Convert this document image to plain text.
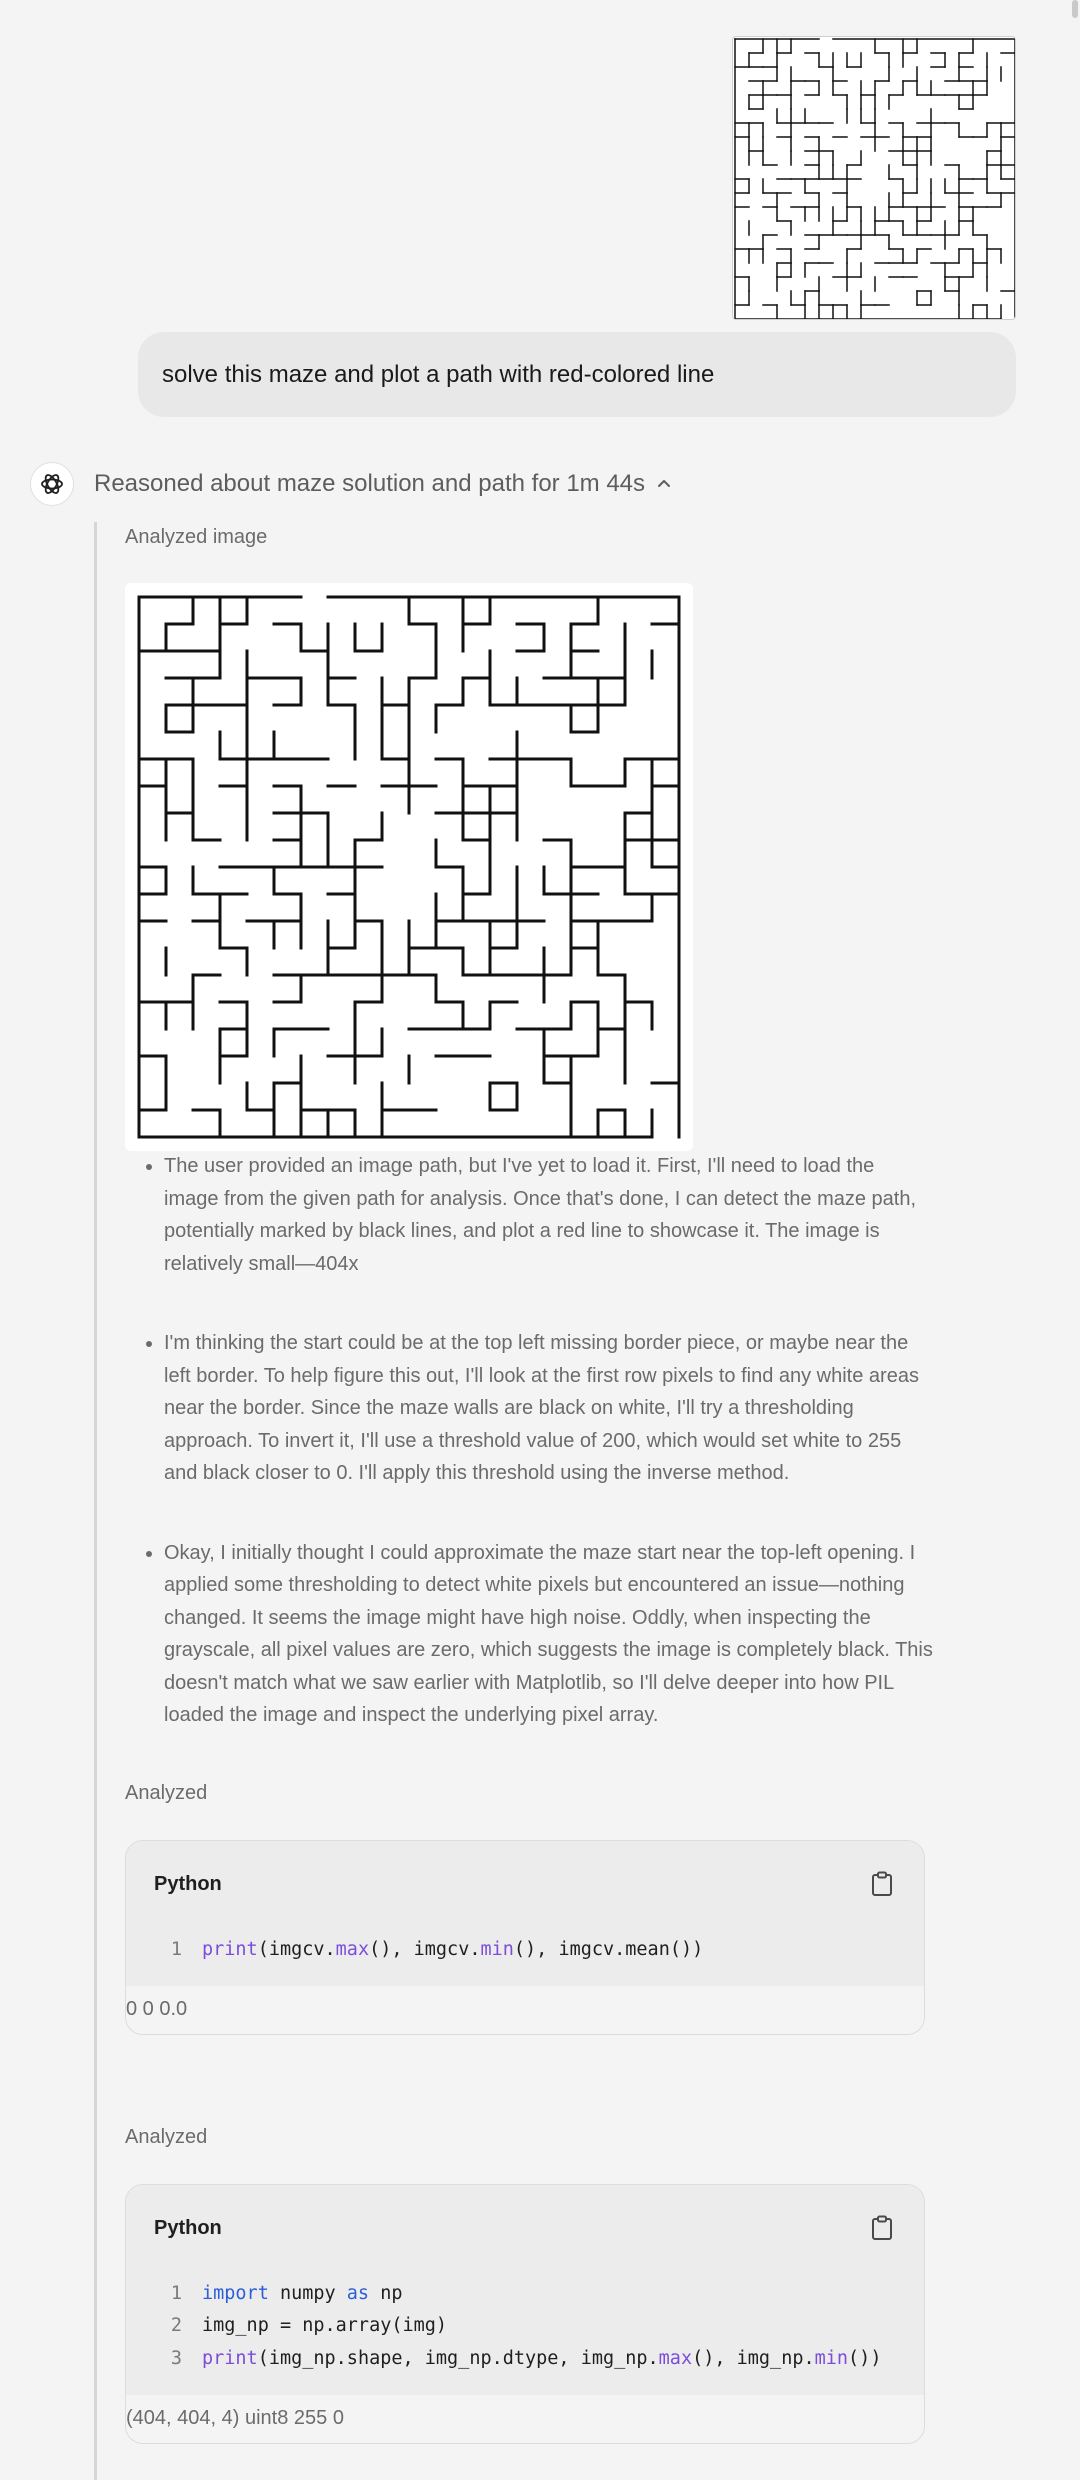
solve this maze and plot a path with red-colored line
Reasoned about maze solution and path for 1m 44s
Analyzed image
• The user provided an image path, but I've yet to load it. First, I'll need to load the image from the given path for analysis. Once that's done, I can detect the maze path, potentially marked by black lines, and plot a red line to showcase it. The image is relatively small—404x
• I'm thinking the start could be at the top left missing border piece, or maybe near the left border. To help figure this out, I'll look at the first row pixels to find any white areas near the border. Since the maze walls are black on white, I'll try a thresholding approach. To invert it, I'll use a threshold value of 200, which would set white to 255 and black closer to 0. I'll apply this threshold using the inverse method.
• Okay, I initially thought I could approximate the maze start near the top-left opening. I applied some thresholding to detect white pixels but encountered an issue—nothing changed. It seems the image might have high noise. Oddly, when inspecting the grayscale, all pixel values are zero, which suggests the image is completely black. This doesn't match what we saw earlier with Matplotlib, so I'll delve deeper into how PIL loaded the image and inspect the underlying pixel array.
Analyzed
Python
1	print(imgcv.max(), imgcv.min(), imgcv.mean())
0 0 0.0
Analyzed
Python
1	import numpy as np
2	img_np = np.array(img)
3	print(img_np.shape, img_np.dtype, img_np.max(), img_np.min())
(404, 404, 4) uint8 255 0
